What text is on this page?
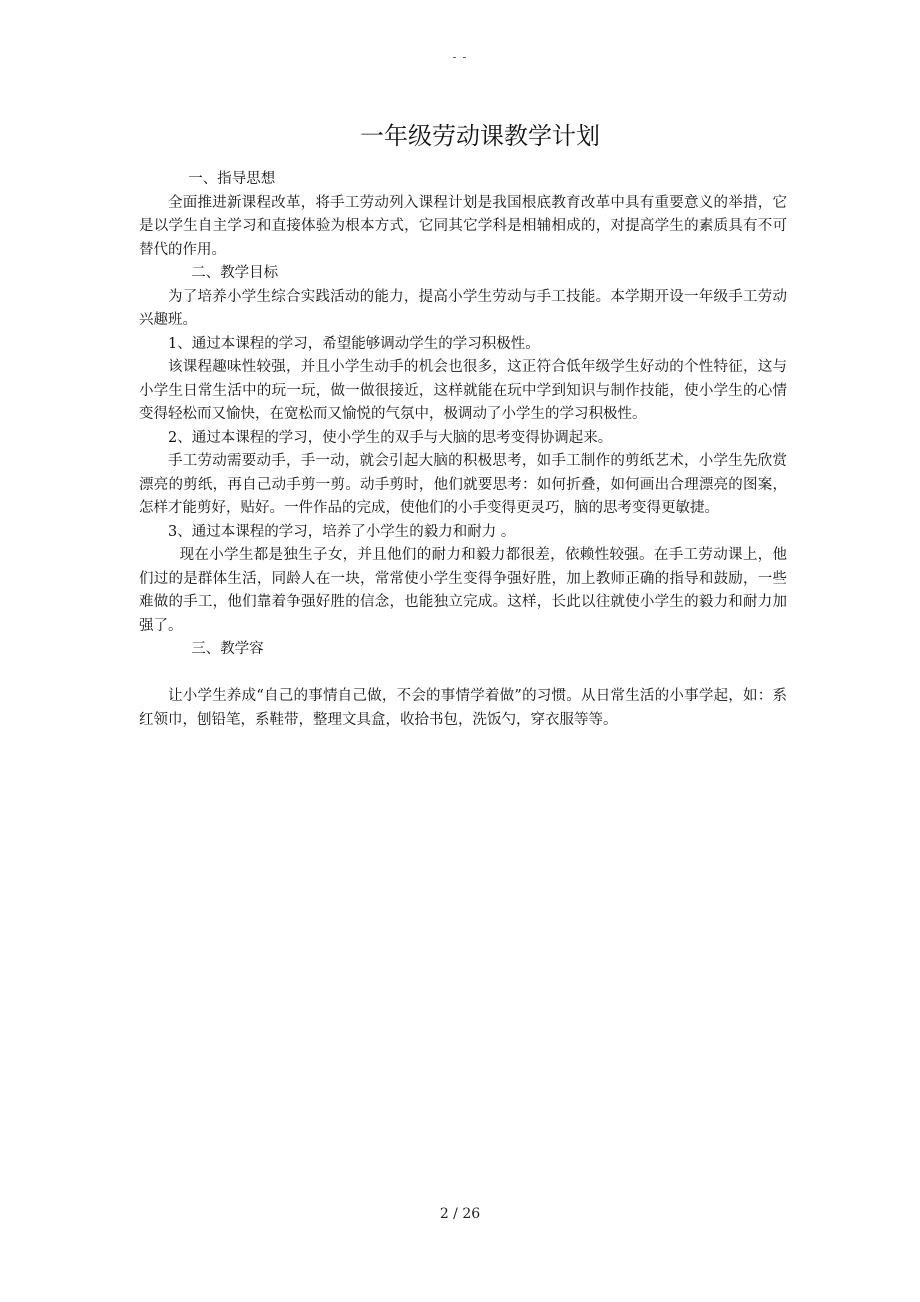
- -
一年级劳动课教学计划

一、指导思想

全面推进新课程改革，将手工劳动列入课程计划是我国根底教育改革中具有重要意义的举措，它是以学生自主学习和直接体验为根本方式，它同其它学科是相辅相成的，对提高学生的素质具有不可替代的作用。

二、教学目标

为了培养小学生综合实践活动的能力，提高小学生劳动与手工技能。本学期开设一年级手工劳动兴趣班。

1、通过本课程的学习，希望能够调动学生的学习积极性。

该课程趣味性较强，并且小学生动手的机会也很多，这正符合低年级学生好动的个性特征，这与小学生日常生活中的玩一玩，做一做很接近，这样就能在玩中学到知识与制作技能，使小学生的心情变得轻松而又愉快，在宽松而又愉悦的气氛中，极调动了小学生的学习积极性。

2、通过本课程的学习，使小学生的双手与大脑的思考变得协调起来。

手工劳动需要动手，手一动，就会引起大脑的积极思考，如手工制作的剪纸艺术，小学生先欣赏漂亮的剪纸，再自己动手剪一剪。动手剪时，他们就要思考：如何折叠，如何画出合理漂亮的图案，怎样才能剪好，贴好。一件作品的完成，使他们的小手变得更灵巧，脑的思考变得更敏捷。

3、通过本课程的学习，培养了小学生的毅力和耐力 。

现在小学生都是独生子女，并且他们的耐力和毅力都很差，依赖性较强。在手工劳动课上，他们过的是群体生活，同龄人在一块，常常使小学生变得争强好胜，加上教师正确的指导和鼓励，一些难做的手工，他们靠着争强好胜的信念，也能独立完成。这样，长此以往就使小学生的毅力和耐力加强了。

三、教学容

让小学生养成“自己的事情自己做，不会的事情学着做”的习惯。从日常生活的小事学起，如：系红领巾，刨铅笔，系鞋带，整理文具盒，收拾书包，洗饭勺，穿衣服等等。

2 / 26
